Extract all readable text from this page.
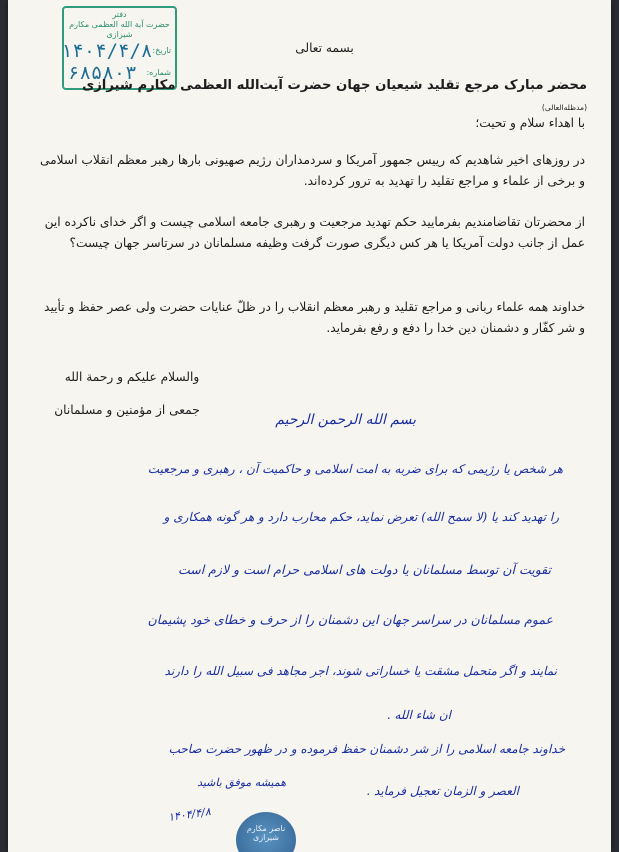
دفتر
حضرت آیة الله العظمی مکارم شیرازی
تاریخ:
۱۴۰۴/۴/۸
شماره:
۶۸۵۸۰۳
بسمه تعالی
محضر مبارک مرجع تقلید شیعیان جهان حضرت آیت‌الله العظمی مکارم شیرازی (مدظله‌العالی)
با اهداء سلام و تحیت؛
در روزهای اخیر شاهدیم که رییس جمهور آمریکا و سردمداران رژیم صهیونی بارها رهبر معظم انقلاب اسلامی و برخی از علماء و مراجع تقلید را تهدید به ترور کرده‌اند.
از محضرتان تقاضامندیم بفرمایید حکم تهدید مرجعیت و رهبری جامعه اسلامی چیست و اگر خدای ناکرده این عمل از جانب دولت آمریکا یا هر کس دیگری صورت گرفت وظیفه مسلمانان در سرتاسر جهان چیست؟
خداوند همه علماء ربانی و مراجع تقلید و رهبر معظم انقلاب را در ظلّ عنایات حضرت ولی عصر حفظ و تأیید و شر کفّار و دشمنان دین خدا را دفع و رفع بفرماید.
والسلام علیکم و رحمة الله
جمعی از مؤمنین و مسلمانان
بسم الله الرحمن الرحیم
هر شخص یا رژیمی که برای ضربه به امت اسلامی و حاکمیت آن ، رهبری و مرجعیت
را تهدید کند یا (لا سمح الله) تعرض نماید، حکم محارب دارد و هر گونه همکاری و
تقویت آن توسط مسلمانان یا دولت های اسلامی حرام است و لازم است
عموم مسلمانان در سراسر جهان این دشمنان را از حرف و خطای خود پشیمان
نمایند و اگر متحمل مشقت یا خساراتی شوند، اجر مجاهد فی سبیل الله را دارند
ان شاء الله .
خداوند جامعه اسلامی را از شر دشمنان حفظ فرموده و در ظهور حضرت صاحب
العصر و الزمان تعجیل فرماید .
همیشه موفق باشید
۱۴۰۴/۴/۸
ناصر مکارم شیرازی
